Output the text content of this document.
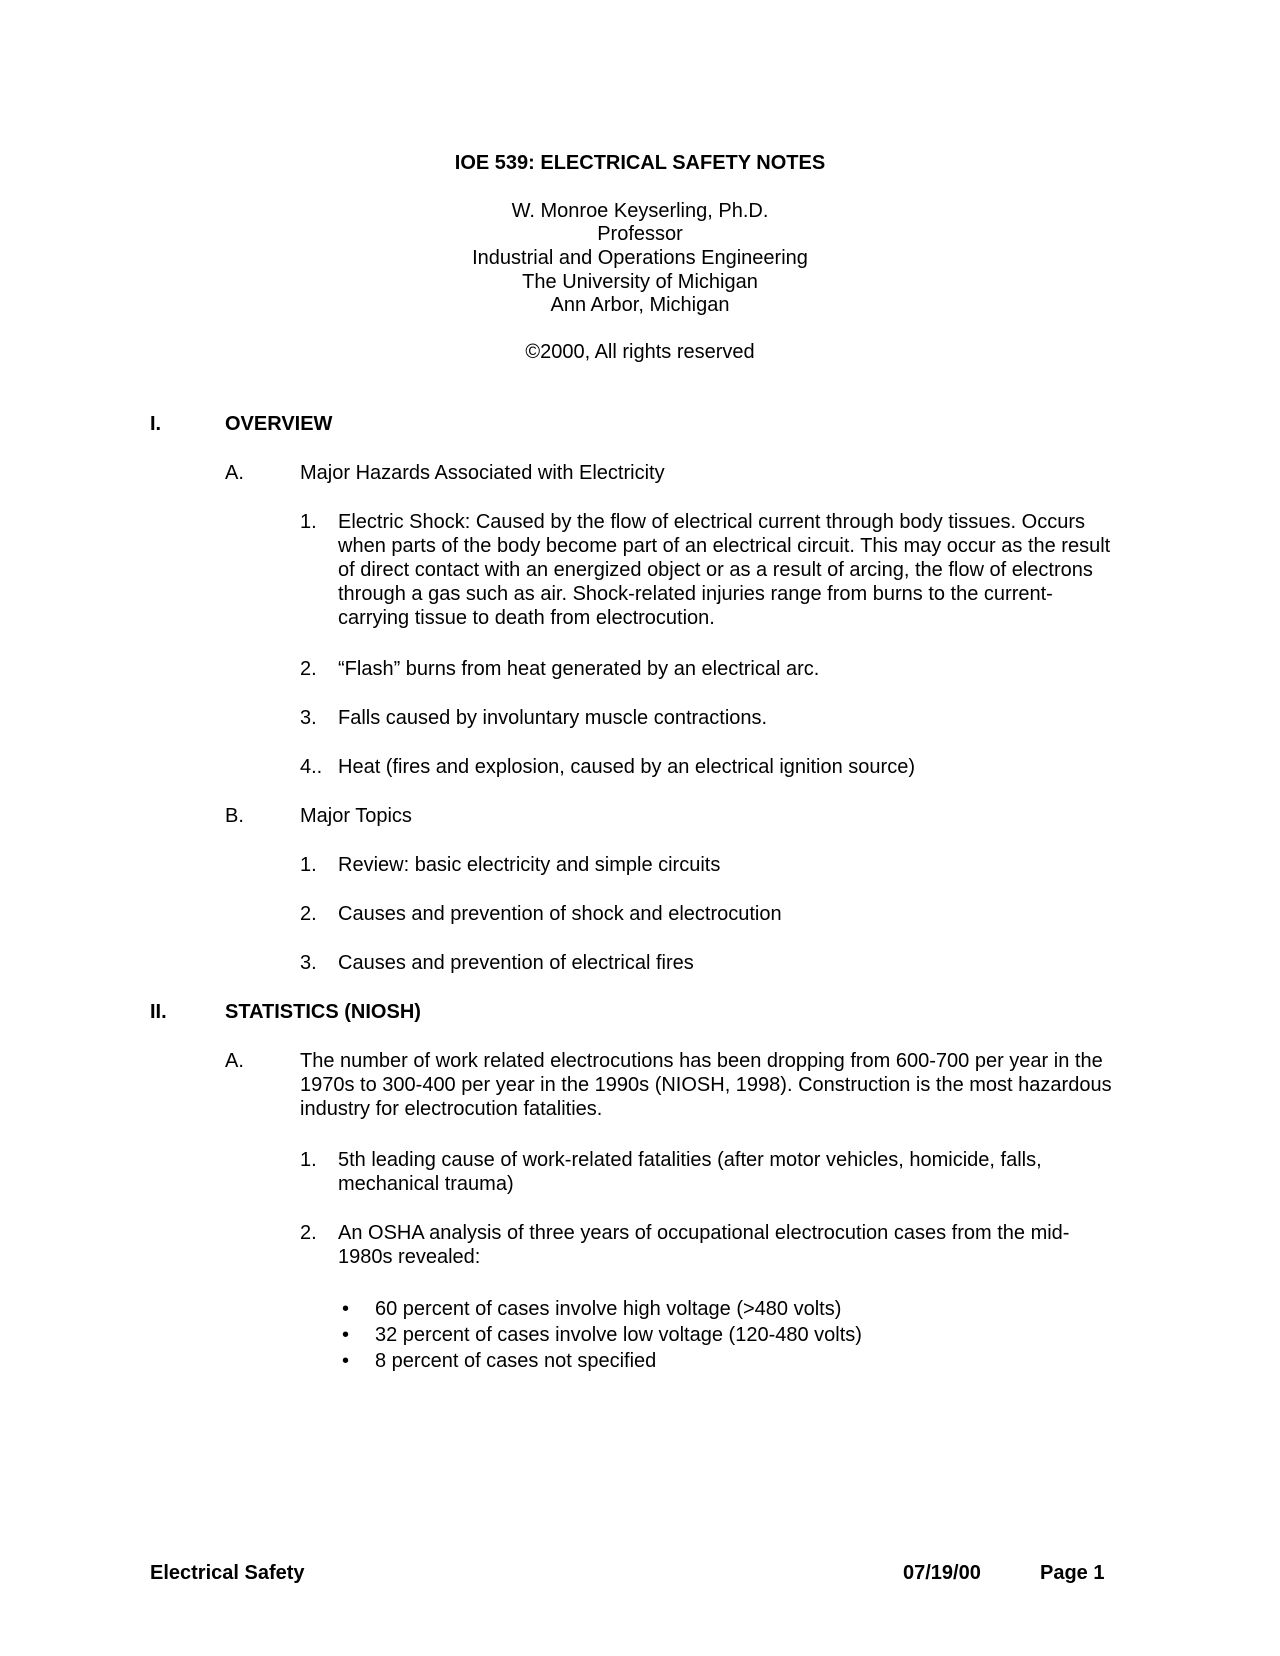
IOE 539: ELECTRICAL SAFETY NOTES
W. Monroe Keyserling, Ph.D.
Professor
Industrial and Operations Engineering
The University of Michigan
Ann Arbor, Michigan
©2000, All rights reserved
I.	OVERVIEW
A.	Major Hazards Associated with Electricity
1. Electric Shock: Caused by the flow of electrical current through body tissues. Occurs when parts of the body become part of an electrical circuit. This may occur as the result of direct contact with an energized object or as a result of arcing, the flow of electrons through a gas such as air. Shock-related injuries range from burns to the current-carrying tissue to death from electrocution.
2. “Flash” burns from heat generated by an electrical arc.
3. Falls caused by involuntary muscle contractions.
4.. Heat (fires and explosion, caused by an electrical ignition source)
B.	Major Topics
1. Review: basic electricity and simple circuits
2. Causes and prevention of shock and electrocution
3. Causes and prevention of electrical fires
II.	STATISTICS (NIOSH)
A.	The number of work related electrocutions has been dropping from 600-700 per year in the 1970s to 300-400 per year in the 1990s (NIOSH, 1998). Construction is the most hazardous industry for electrocution fatalities.
1. 5th leading cause of work-related fatalities (after motor vehicles, homicide, falls, mechanical trauma)
2. An OSHA analysis of three years of occupational electrocution cases from the mid-1980s revealed:
• 60 percent of cases involve high voltage (>480 volts)
• 32 percent of cases involve low voltage (120-480 volts)
• 8 percent of cases not specified
Electrical Safety	07/19/00	Page 1
